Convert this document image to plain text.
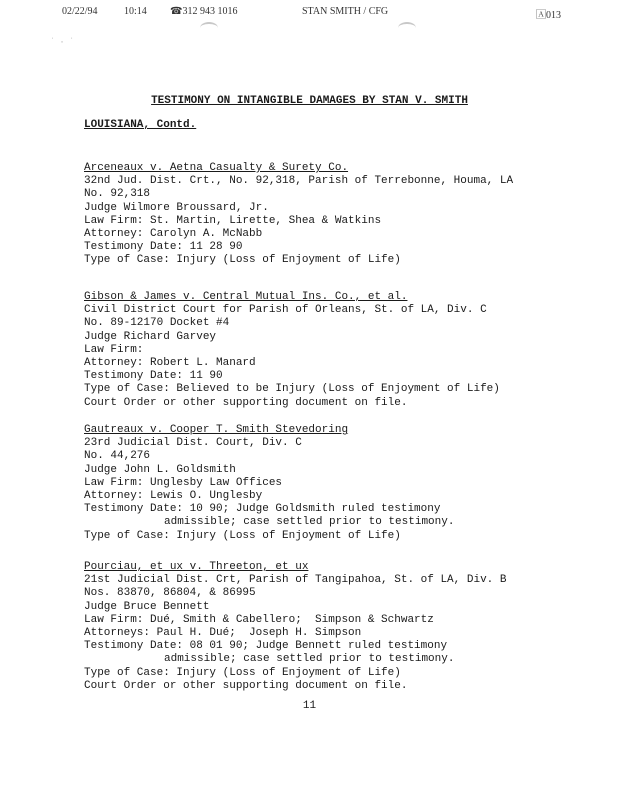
02/22/94	10:14 ☎312 943 1016	STAN SMITH / CFG	🄰013
˙ · ˙
TESTIMONY ON INTANGIBLE DAMAGES BY STAN V. SMITH
LOUISIANA, Contd.
Arceneaux v. Aetna Casualty & Surety Co.
32nd Jud. Dist. Crt., No. 92,318, Parish of Terrebonne, Houma, LA
No. 92,318
Judge Wilmore Broussard, Jr.
Law Firm: St. Martin, Lirette, Shea & Watkins
Attorney: Carolyn A. McNabb
Testimony Date: 11 28 90
Type of Case: Injury (Loss of Enjoyment of Life)
Gibson & James v. Central Mutual Ins. Co., et al.
Civil District Court for Parish of Orleans, St. of LA, Div. C
No. 89-12170 Docket #4
Judge Richard Garvey
Law Firm:
Attorney: Robert L. Manard
Testimony Date: 11 90
Type of Case: Believed to be Injury (Loss of Enjoyment of Life)
Court Order or other supporting document on file.
Gautreaux v. Cooper T. Smith Stevedoring
23rd Judicial Dist. Court, Div. C
No. 44,276
Judge John L. Goldsmith
Law Firm: Unglesby Law Offices
Attorney: Lewis O. Unglesby
Testimony Date: 10 90; Judge Goldsmith ruled testimony
admissible; case settled prior to testimony.
Type of Case: Injury (Loss of Enjoyment of Life)
Pourciau, et ux v. Threeton, et ux
21st Judicial Dist. Crt, Parish of Tangipahoa, St. of LA, Div. B
Nos. 83870, 86804, & 86995
Judge Bruce Bennett
Law Firm: Dué, Smith & Cabellero;  Simpson & Schwartz
Attorneys: Paul H. Dué;  Joseph H. Simpson
Testimony Date: 08 01 90; Judge Bennett ruled testimony
admissible; case settled prior to testimony.
Type of Case: Injury (Loss of Enjoyment of Life)
Court Order or other supporting document on file.
11
